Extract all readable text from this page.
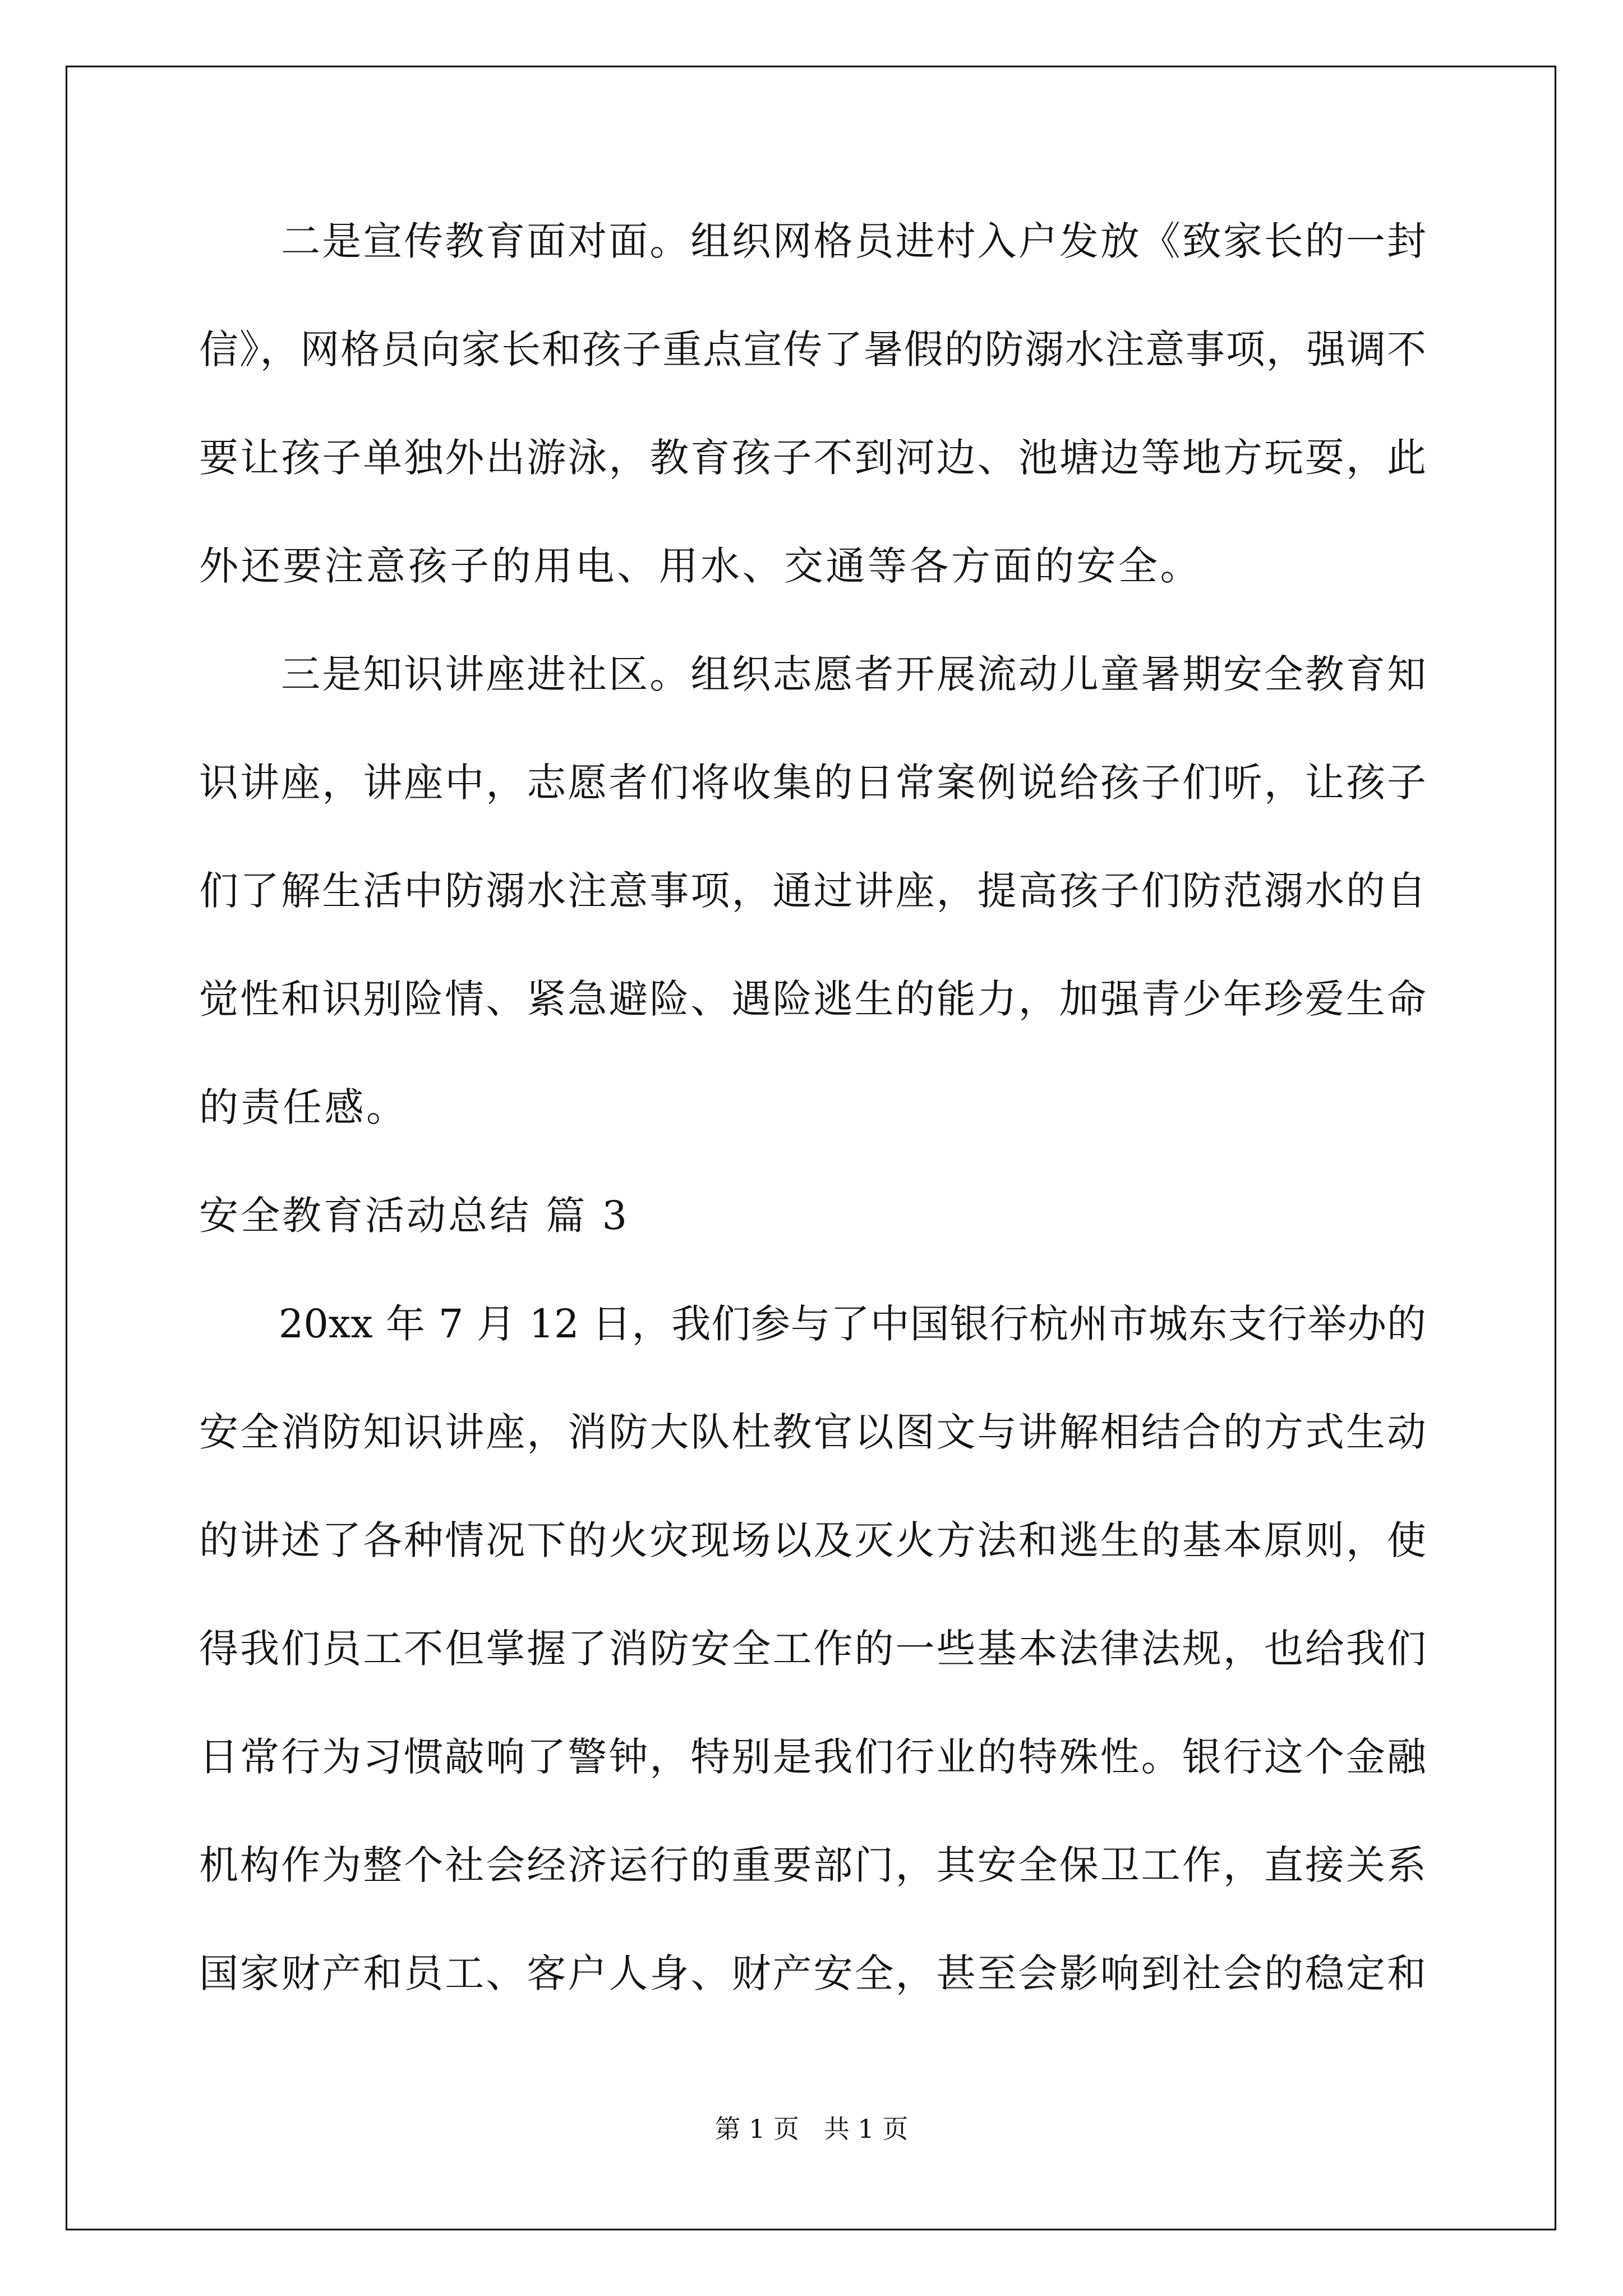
　　二是宣传教育面对面。组织网格员进村入户发放《致家长的一封
信》，网格员向家长和孩子重点宣传了暑假的防溺水注意事项，强调不
要让孩子单独外出游泳，教育孩子不到河边、池塘边等地方玩耍，此
外还要注意孩子的用电、用水、交通等各方面的安全。
　　三是知识讲座进社区。组织志愿者开展流动儿童暑期安全教育知
识讲座，讲座中，志愿者们将收集的日常案例说给孩子们听，让孩子
们了解生活中防溺水注意事项，通过讲座，提高孩子们防范溺水的自
觉性和识别险情、紧急避险、遇险逃生的能力，加强青少年珍爱生命
的责任感。
安全教育活动总结 篇 3
　　20xx 年 7 月 12 日，我们参与了中国银行杭州市城东支行举办的
安全消防知识讲座，消防大队杜教官以图文与讲解相结合的方式生动
的讲述了各种情况下的火灾现场以及灭火方法和逃生的基本原则，使
得我们员工不但掌握了消防安全工作的一些基本法律法规，也给我们
日常行为习惯敲响了警钟，特别是我们行业的特殊性。银行这个金融
机构作为整个社会经济运行的重要部门，其安全保卫工作，直接关系
国家财产和员工、客户人身、财产安全，甚至会影响到社会的稳定和
第 1 页   共 1 页
